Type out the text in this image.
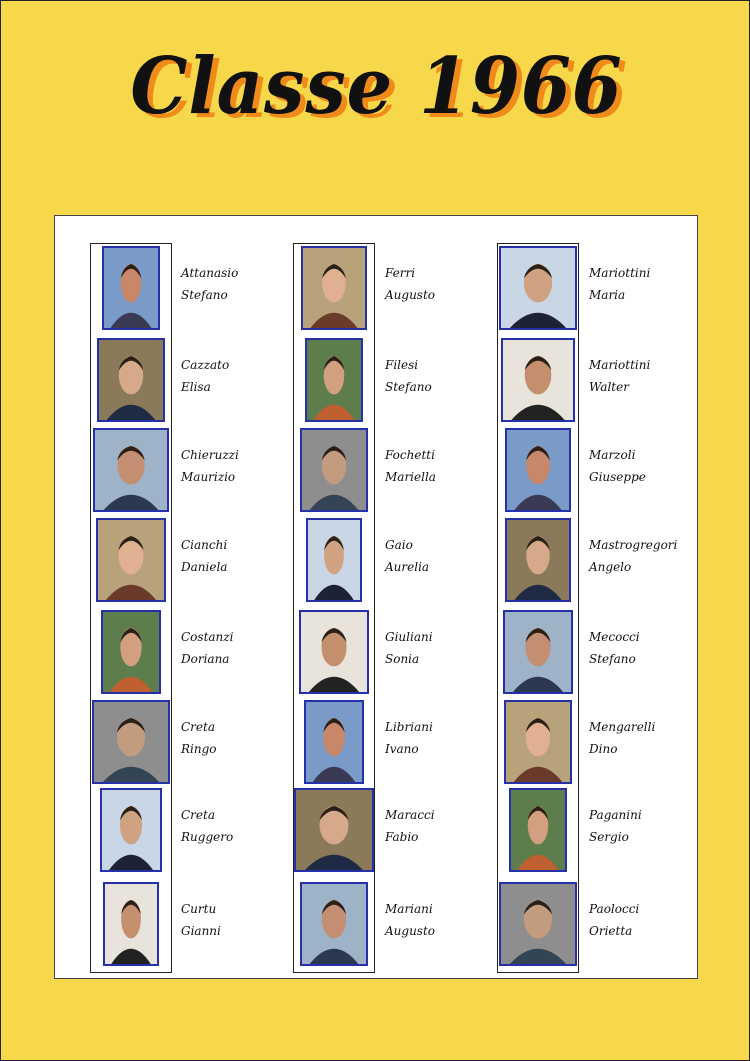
Classe 1966
Attanasio
Stefano
Cazzato
Elisa
Chieruzzi
Maurizio
Cianchi
Daniela
Costanzi
Doriana
Creta
Ringo
Creta
Ruggero
Curtu
Gianni
Ferri
Augusto
Filesi
Stefano
Fochetti
Mariella
Gaio
Aurelia
Giuliani
Sonia
Libriani
Ivano
Maracci
Fabio
Mariani
Augusto
Mariottini
Maria
Mariottini
Walter
Marzoli
Giuseppe
Mastrogregori
Angelo
Mecocci
Stefano
Mengarelli
Dino
Paganini
Sergio
Paolocci
Orietta
